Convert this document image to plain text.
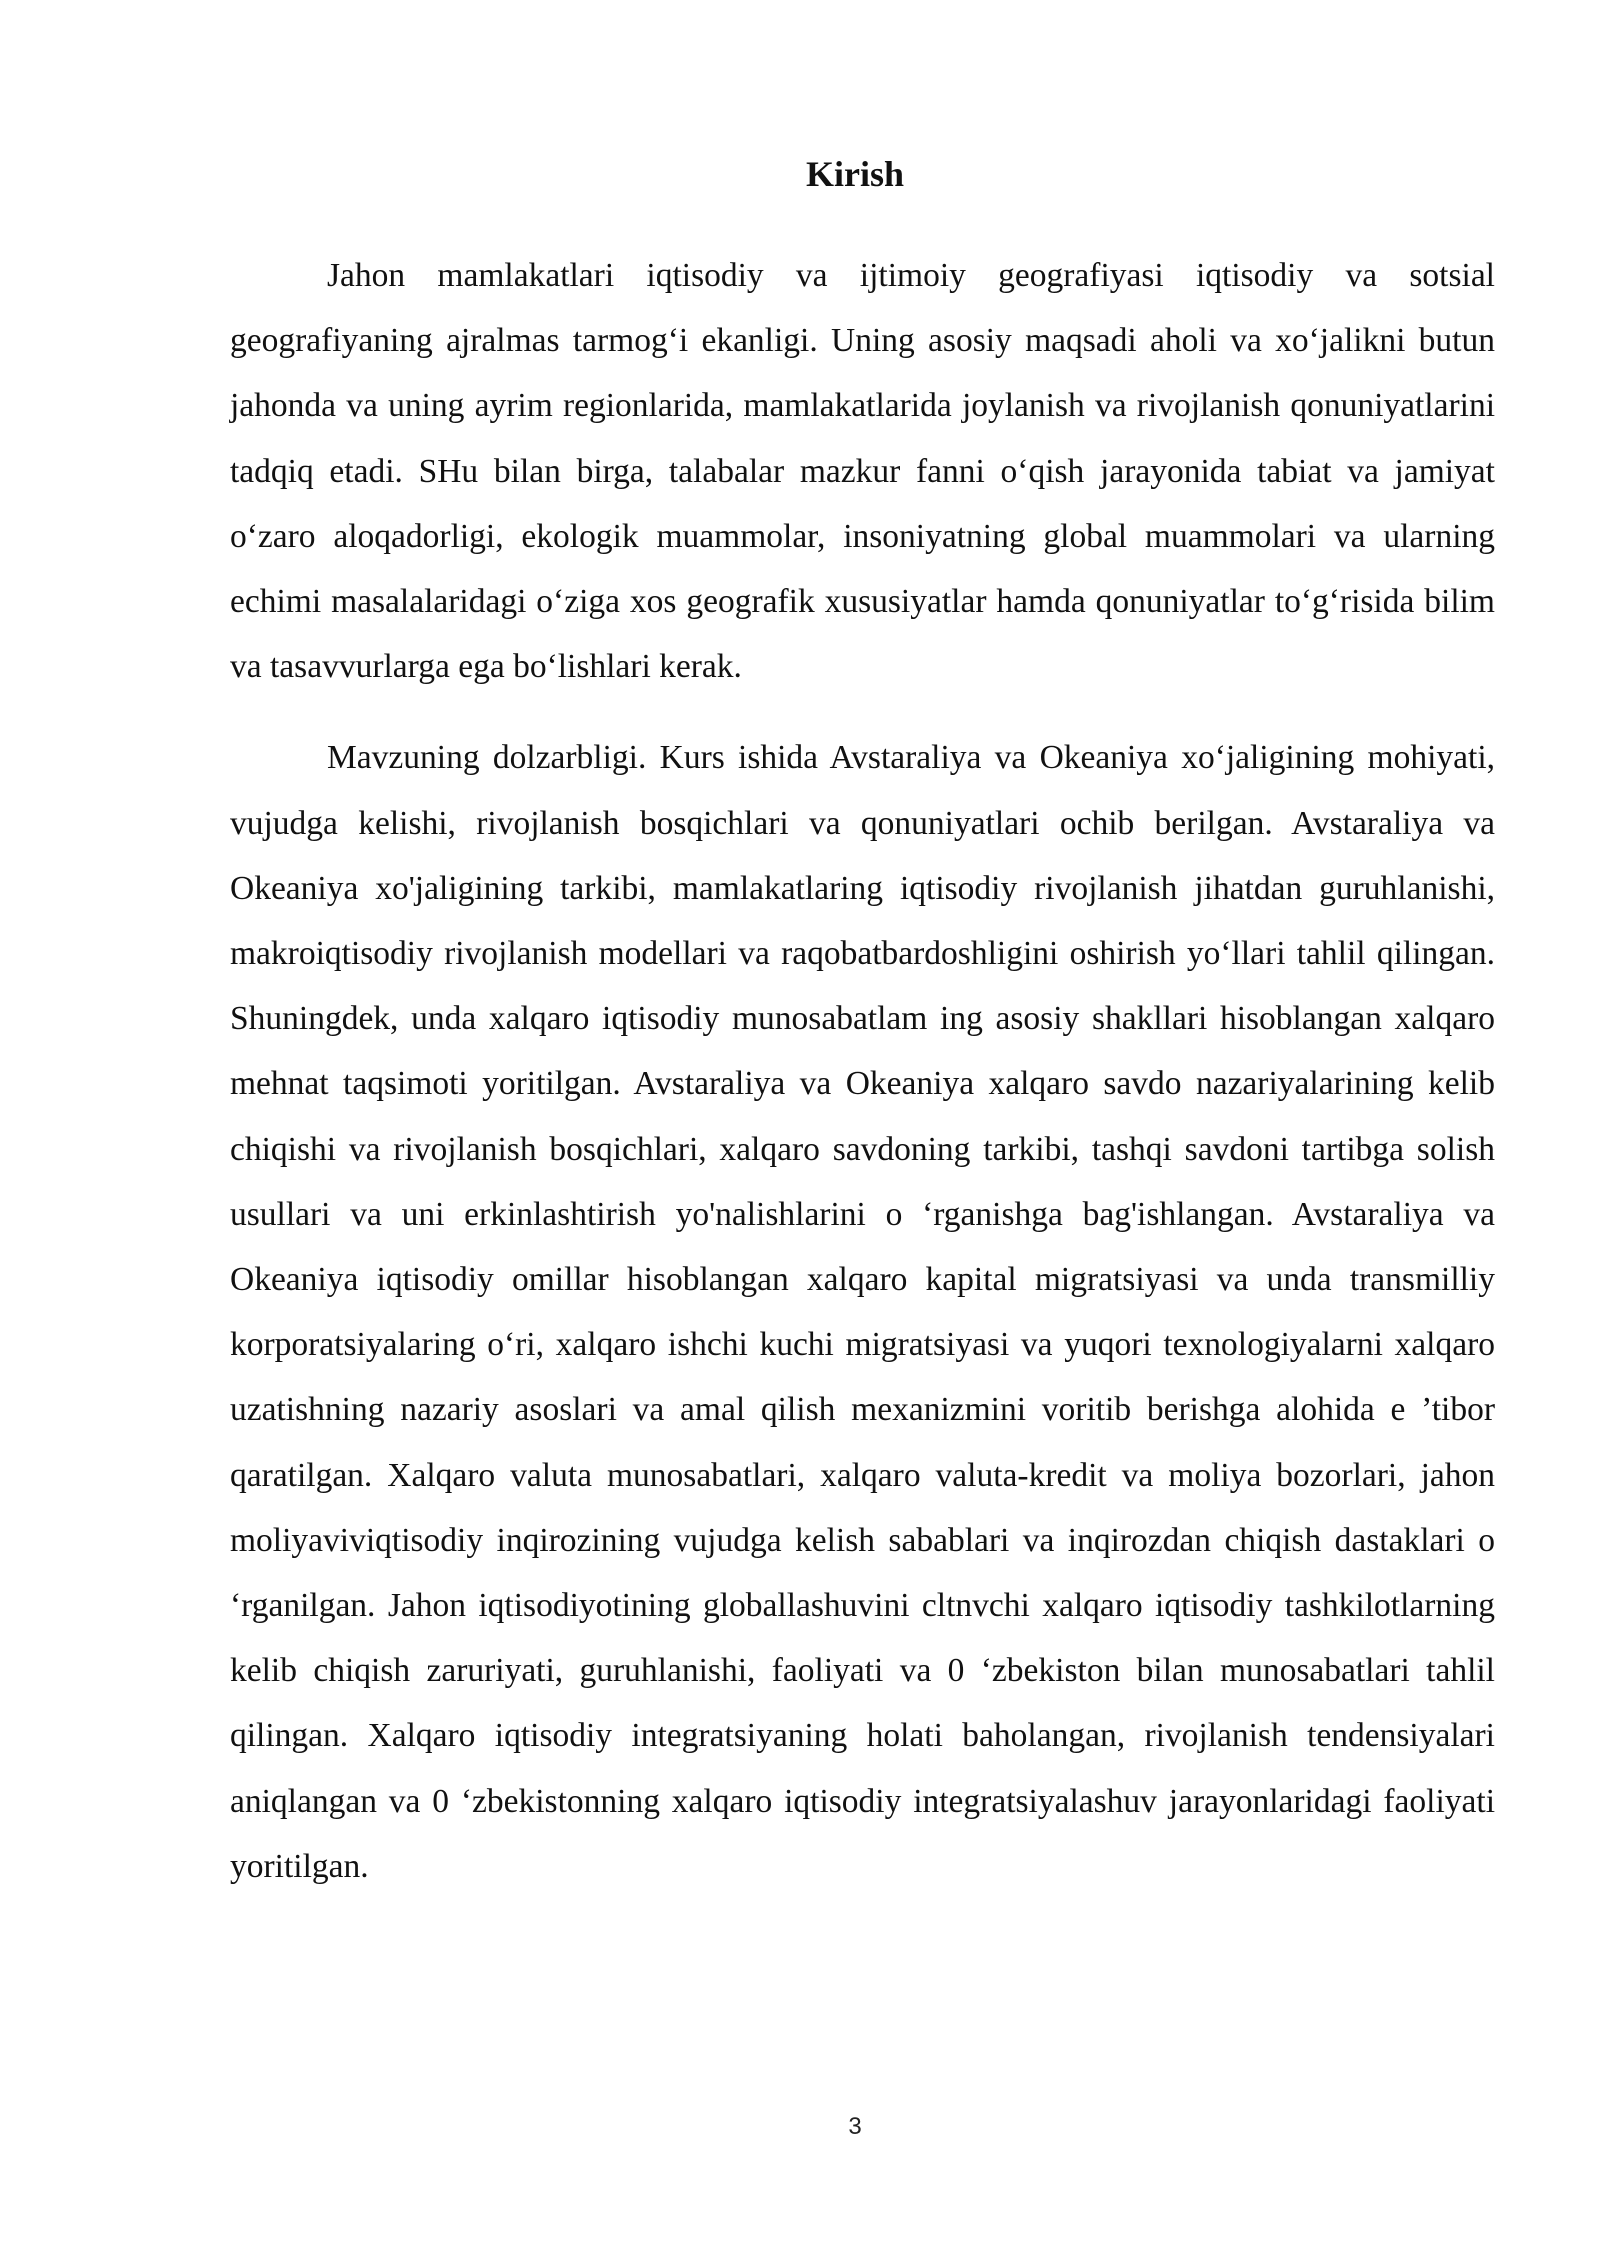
Kirish

Jahon mamlakatlari iqtisodiy va ijtimoiy geografiyasi iqtisodiy va sotsial geografiyaning ajralmas tarmog‘i ekanligi. Uning asosiy maqsadi aholi va xo‘jalikni butun jahonda va uning ayrim regionlarida, mamlakatlarida joylanish va rivojlanish qonuniyatlarini tadqiq etadi. SHu bilan birga, talabalar mazkur fanni o‘qish jarayonida tabiat va jamiyat o‘zaro aloqadorligi, ekologik muammolar, insoniyatning global muammolari va ularning echimi masalalaridagi o‘ziga xos geografik xususiyatlar hamda qonuniyatlar to‘g‘risida bilim va tasavvurlarga ega bo‘lishlari kerak.

Mavzuning dolzarbligi. Kurs ishida Avstaraliya va Okeaniya xo‘jaligining mohiyati, vujudga kelishi, rivojlanish bosqichlari va qonuniyatlari ochib berilgan. Avstaraliya va Okeaniya xo'jaligining tarkibi, mamlakatlaring iqtisodiy rivojlanish jihatdan guruhlanishi, makroiqtisodiy rivojlanish modellari va raqobatbardoshligini oshirish yo‘llari tahlil qilingan. Shuningdek, unda xalqaro iqtisodiy munosabatlam ing asosiy shakllari hisoblangan xalqaro mehnat taqsimoti yoritilgan. Avstaraliya va Okeaniya xalqaro savdo nazariyalarining kelib chiqishi va rivojlanish bosqichlari, xalqaro savdoning tarkibi, tashqi savdoni tartibga solish usullari va uni erkinlashtirish yo'nalishlarini o ‘rganishga bag'ishlangan. Avstaraliya va Okeaniya iqtisodiy omillar hisoblangan xalqaro kapital migratsiyasi va unda transmilliy korporatsiyalaring o‘ri, xalqaro ishchi kuchi migratsiyasi va yuqori texnologiyalarni xalqaro uzatishning nazariy asoslari va amal qilish mexanizmini voritib berishga alohida e ’tibor qaratilgan. Xalqaro valuta munosabatlari, xalqaro valuta-kredit va moliya bozorlari, jahon moliyaviviqtisodiy inqirozining vujudga kelish sabablari va inqirozdan chiqish dastaklari o ‘rganilgan. Jahon iqtisodiyotining globallashuvini cltnvchi xalqaro iqtisodiy tashkilotlarning kelib chiqish zaruriyati, guruhlanishi, faoliyati va 0 ‘zbekiston bilan munosabatlari tahlil qilingan. Xalqaro iqtisodiy integratsiyaning holati baholangan, rivojlanish tendensiyalari aniqlangan va 0 ‘zbekistonning xalqaro iqtisodiy integratsiyalashuv jarayonlaridagi faoliyati yoritilgan.

3
